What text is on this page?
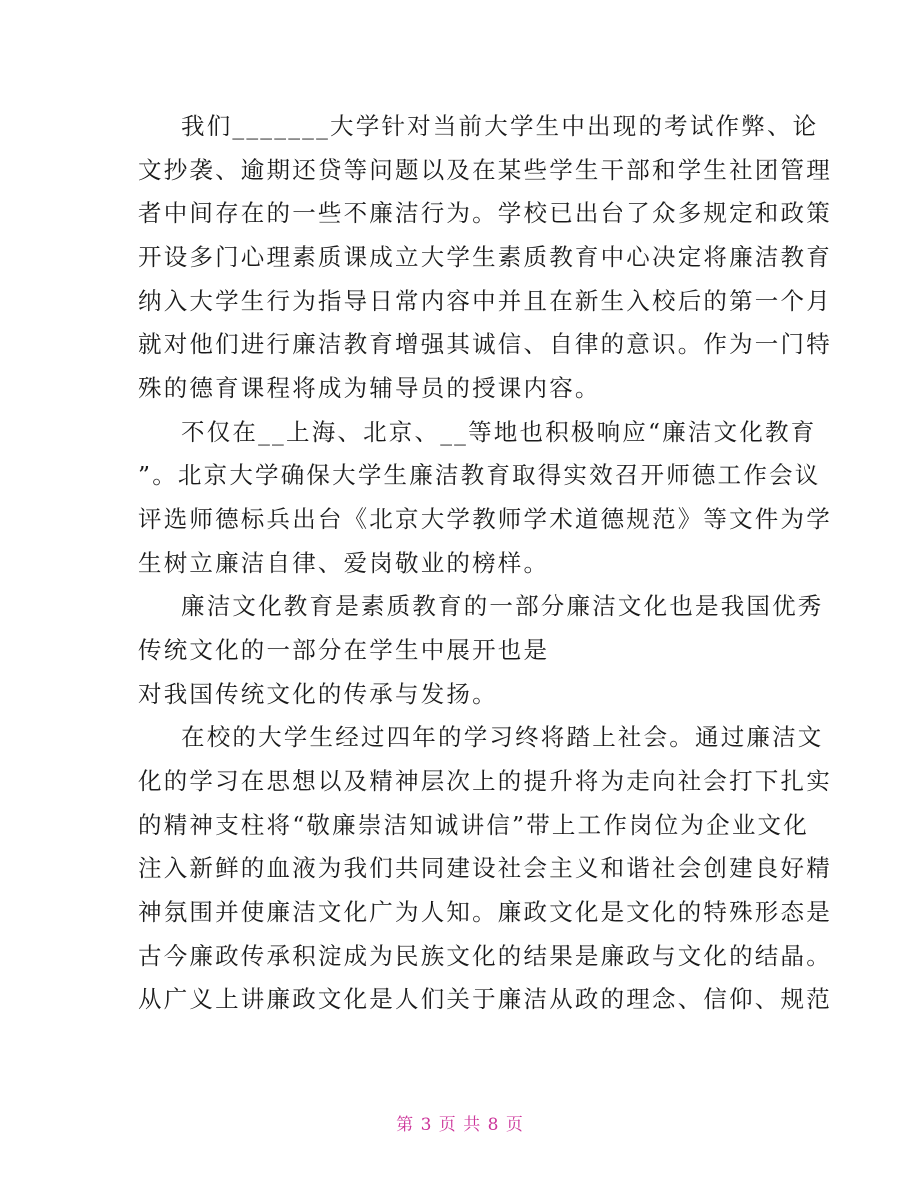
我们_______大学针对当前大学生中出现的考试作弊、论
文抄袭、逾期还贷等问题以及在某些学生干部和学生社团管理
者中间存在的一些不廉洁行为。学校已出台了众多规定和政策
开设多门心理素质课成立大学生素质教育中心决定将廉洁教育
纳入大学生行为指导日常内容中并且在新生入校后的第一个月
就对他们进行廉洁教育增强其诚信、自律的意识。作为一门特
殊的德育课程将成为辅导员的授课内容。
不仅在__上海、北京、__等地也积极响应“廉洁文化教育
”。北京大学确保大学生廉洁教育取得实效召开师德工作会议
评选师德标兵出台《北京大学教师学术道德规范》等文件为学
生树立廉洁自律、爱岗敬业的榜样。
廉洁文化教育是素质教育的一部分廉洁文化也是我国优秀
传统文化的一部分在学生中展开也是
对我国传统文化的传承与发扬。
在校的大学生经过四年的学习终将踏上社会。通过廉洁文
化的学习在思想以及精神层次上的提升将为走向社会打下扎实
的精神支柱将“敬廉崇洁知诚讲信”带上工作岗位为企业文化
注入新鲜的血液为我们共同建设社会主义和谐社会创建良好精
神氛围并使廉洁文化广为人知。廉政文化是文化的特殊形态是
古今廉政传承积淀成为民族文化的结果是廉政与文化的结晶。
从广义上讲廉政文化是人们关于廉洁从政的理念、信仰、规范
第 3 页 共 8 页
